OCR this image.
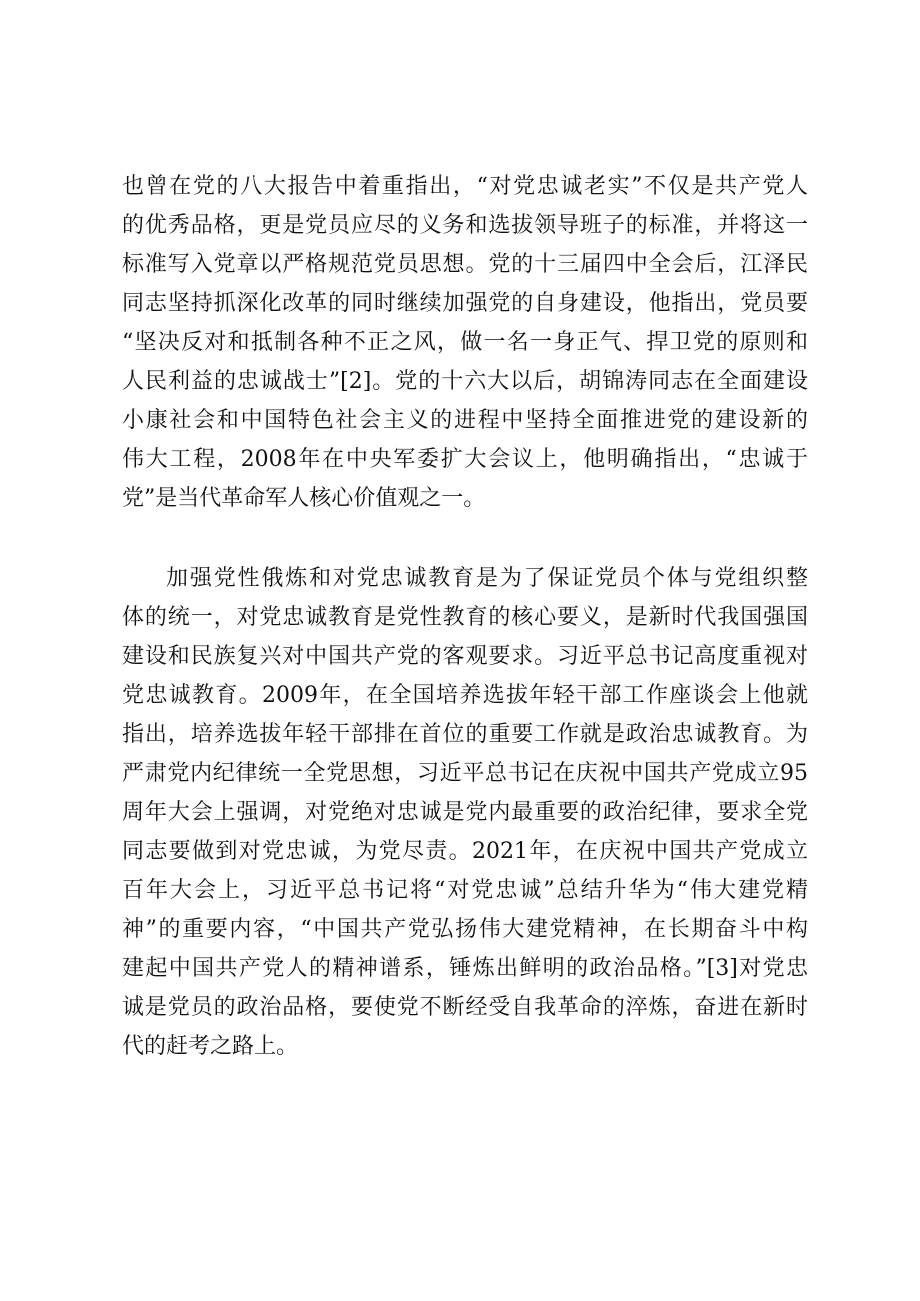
也曾在党的八大报告中着重指出，“对党忠诚老实”不仅是共产党人
的优秀品格，更是党员应尽的义务和选拔领导班子的标准，并将这一
标准写入党章以严格规范党员思想。党的十三届四中全会后，江泽民
同志坚持抓深化改革的同时继续加强党的自身建设，他指出，党员要
“坚决反对和抵制各种不正之风，做一名一身正气、捍卫党的原则和
人民利益的忠诚战士”[2]。党的十六大以后，胡锦涛同志在全面建设
小康社会和中国特色社会主义的进程中坚持全面推进党的建设新的
伟大工程，2008年在中央军委扩大会议上，他明确指出，“忠诚于
党”是当代革命军人核心价值观之一。
加强党性俄炼和对党忠诚教育是为了保证党员个体与党组织整
体的统一，对党忠诚教育是党性教育的核心要义，是新时代我国强国
建设和民族复兴对中国共产党的客观要求。习近平总书记高度重视对
党忠诚教育。2009年，在全国培养选拔年轻干部工作座谈会上他就
指出，培养选拔年轻干部排在首位的重要工作就是政治忠诚教育。为
严肃党内纪律统一全党思想，习近平总书记在庆祝中国共产党成立95
周年大会上强调，对党绝对忠诚是党内最重要的政治纪律，要求全党
同志要做到对党忠诚，为党尽责。2021年，在庆祝中国共产党成立
百年大会上，习近平总书记将“对党忠诚”总结升华为“伟大建党精
神”的重要内容，“中国共产党弘扬伟大建党精神，在长期奋斗中构
建起中国共产党人的精神谱系，锤炼出鲜明的政治品格。”[3]对党忠
诚是党员的政治品格，要使党不断经受自我革命的淬炼，奋进在新时
代的赶考之路上。
